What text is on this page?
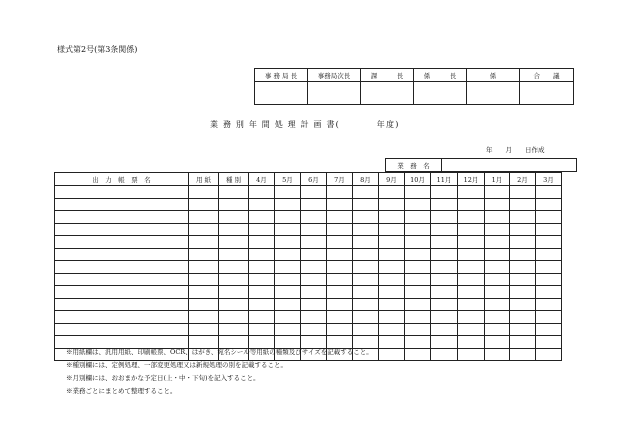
様式第2号(第3条関係)
事 務 局 長	事務局次長	課　　　長	係　　　長	係	合　　議

業 務 別 年 間 処 理 計 画 書(　　　　年度)
年　　月　　日作成
業　務　名	
出　力　帳　票　名	用 紙	種 別	4月	5月	6月	7月	8月	9月	10月	11月	12月	1月	2月	3月

※用紙欄は、汎用用紙、印刷帳票、OCR、はがき、宛名シール等用紙の種類及びサイズを記載すること。
※種別欄には、定例処理、一部変更処理又は新規処理の別を記載すること。
※月別欄には、おおまかな予定日(上・中・下旬)を記入すること。
※業務ごとにまとめて整理すること。
